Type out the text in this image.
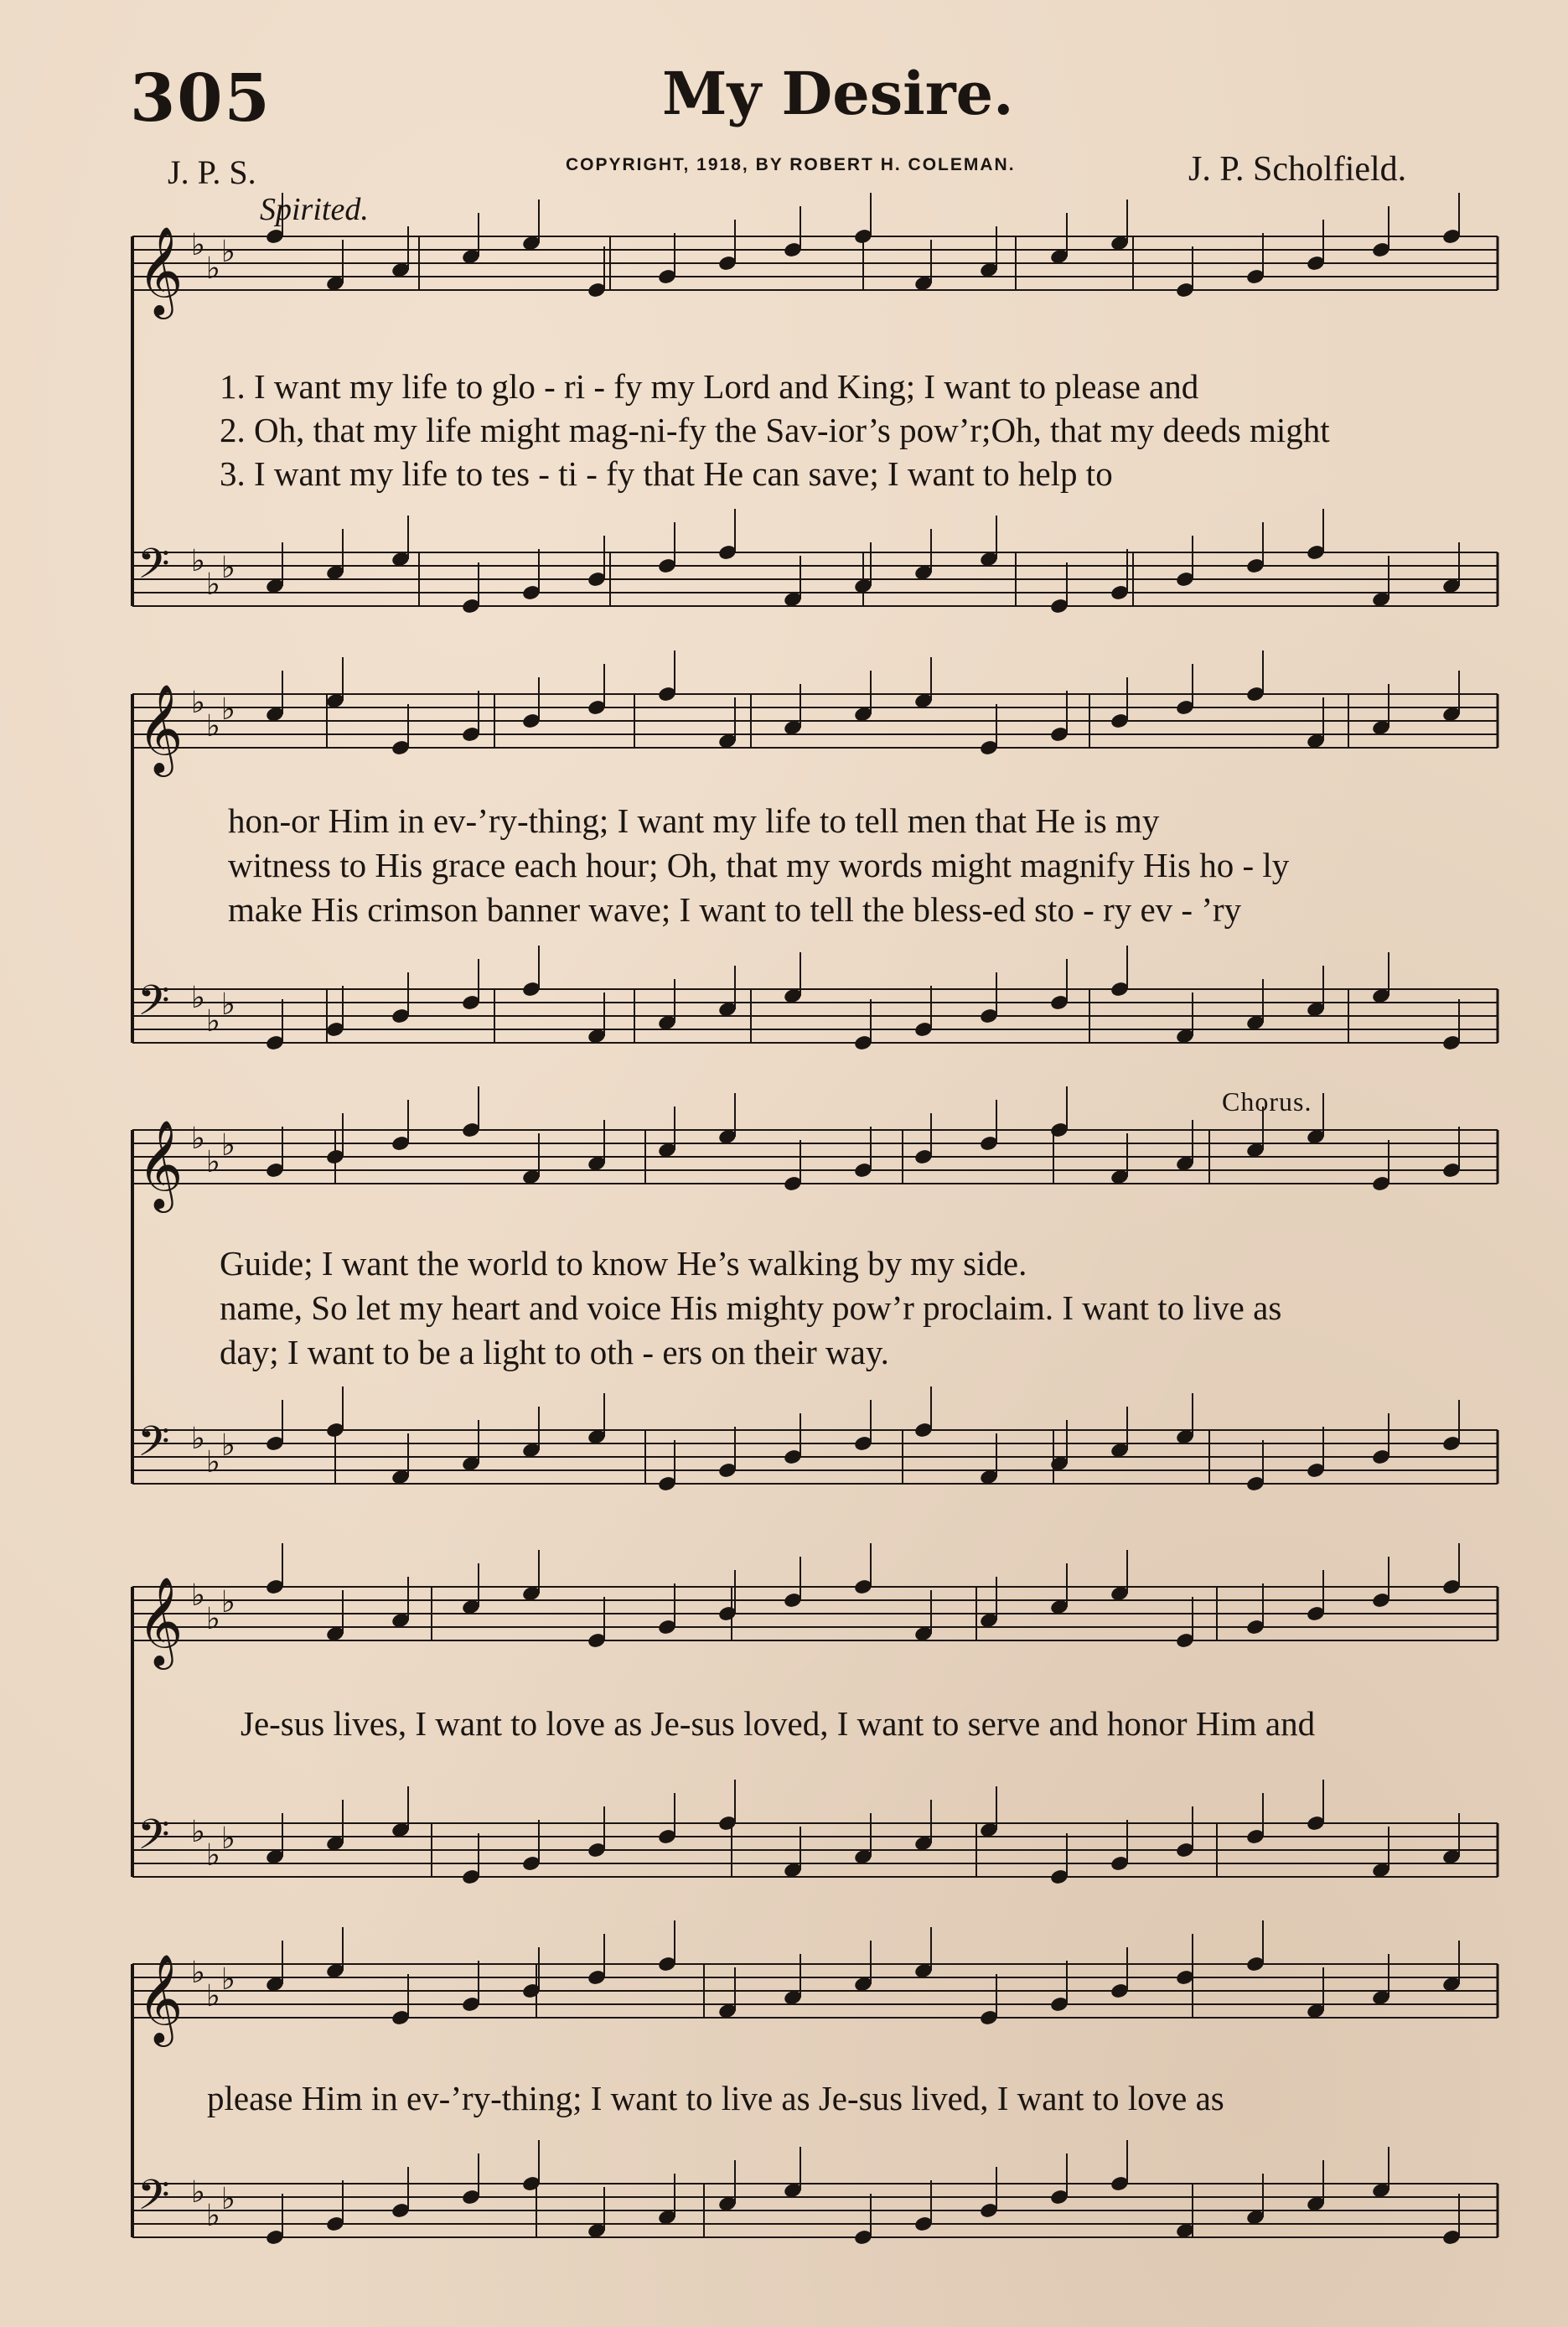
305	My Desire.
J. P. S.	COPYRIGHT, 1918, BY ROBERT H. COLEMAN.	J. P. Scholfield.
Spirited.
Chorus.
𝄞 ♭
♭ ♭
𝄢 ♭
♭ ♭
𝄞 ♭
♭ ♭
𝄢 ♭
♭ ♭
𝄞 ♭
♭ ♭
𝄢 ♭
♭ ♭
𝄞 ♭
♭ ♭
𝄢 ♭
♭ ♭
𝄞 ♭
♭ ♭
𝄢 ♭
♭ ♭
1. I want my life to glo - ri - fy my Lord and King; I want to please and
2. Oh, that my life might mag-ni-fy the Sav-ior’s pow’r;Oh, that my deeds might
3. I want my life to tes - ti - fy that He can save; I want to help to
hon-or Him in ev-’ry-thing; I want my life to tell men that He is my
witness to His grace each hour; Oh, that my words might magnify His ho - ly
make His crimson banner wave; I want to tell the bless-ed sto - ry ev - ’ry
Guide; I want the world to know He’s walking by my side.
name, So let my heart and voice His mighty pow’r proclaim. I want to live as
day; I want to be a light to oth - ers on their way.
Je-sus lives, I want to love as Je-sus loved, I want to serve and honor Him and
please Him in ev-’ry-thing; I want to live as Je-sus lived, I want to love as
